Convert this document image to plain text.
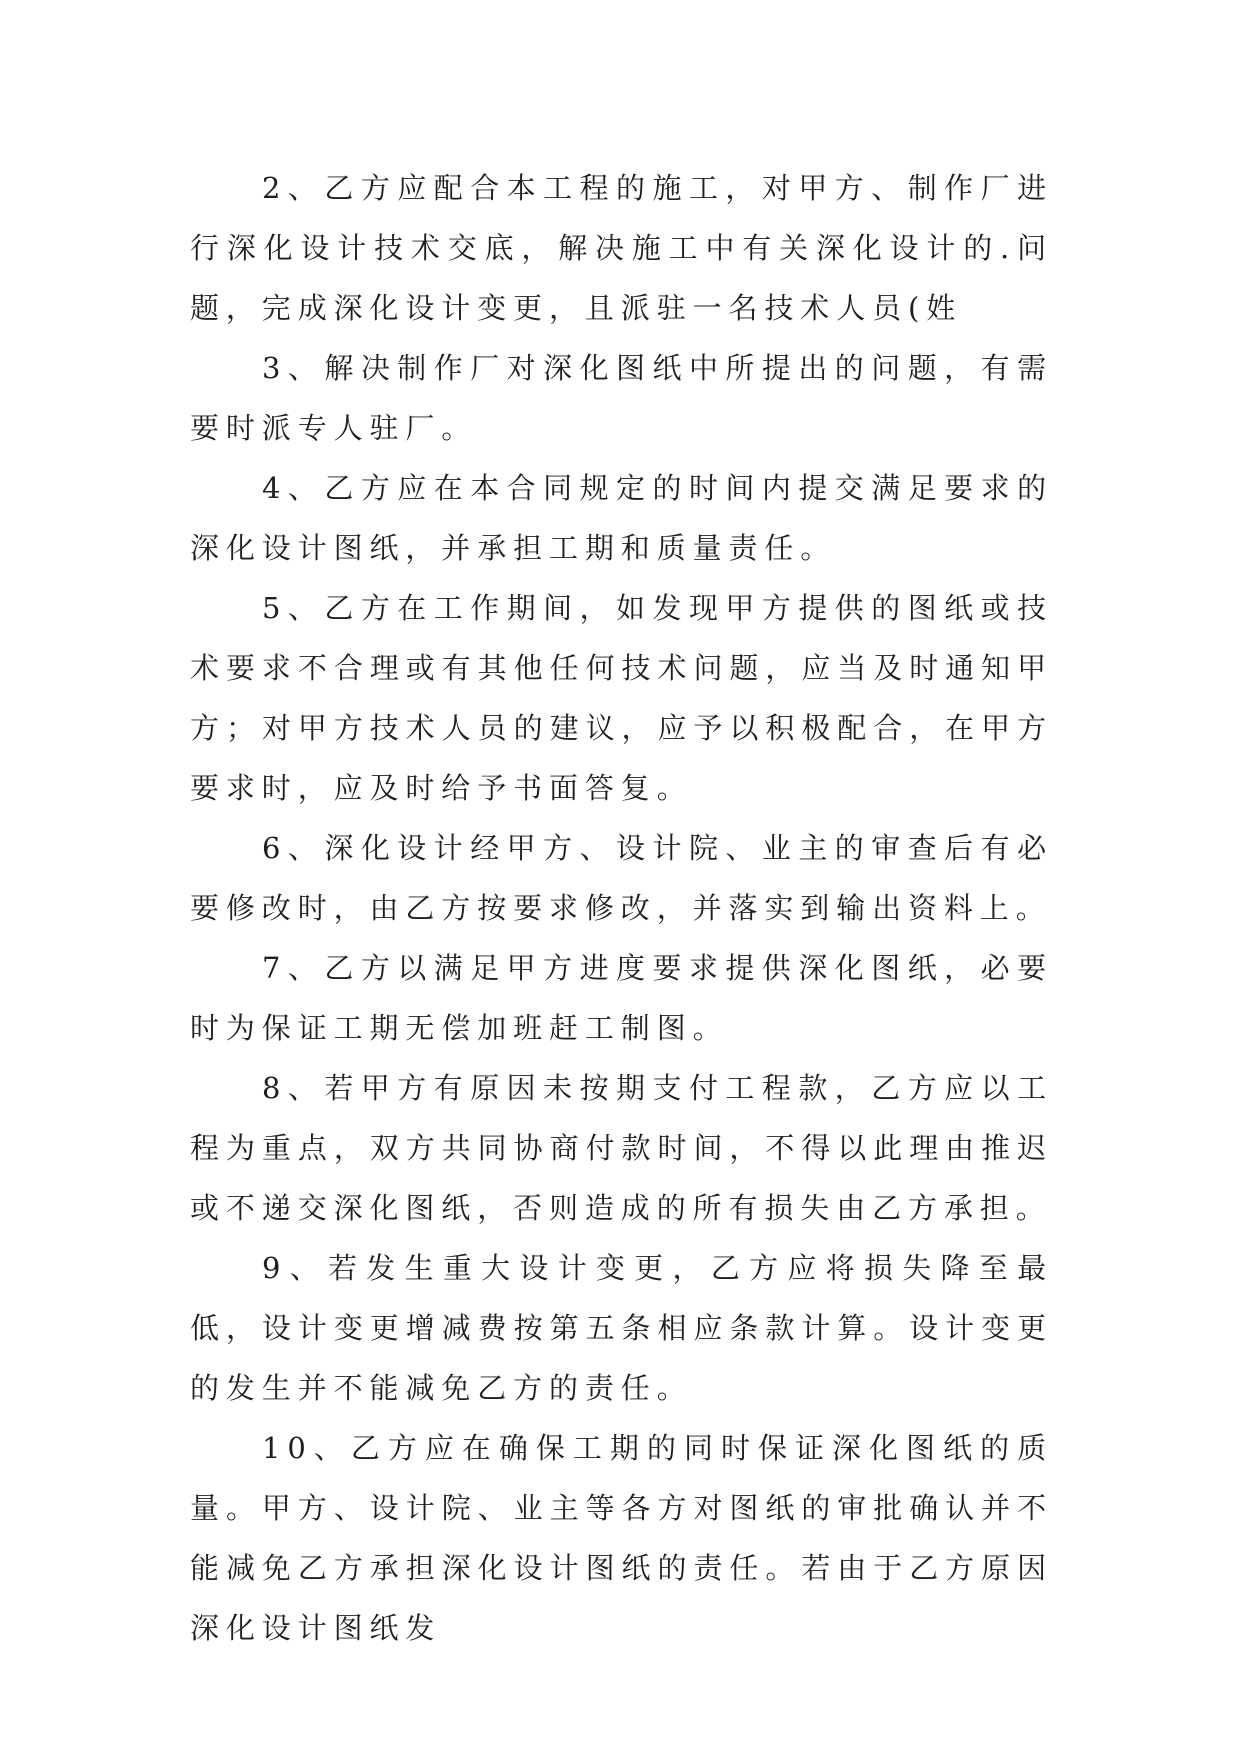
2、乙方应配合本工程的施工，对甲方、制作厂进行深化设计技术交底，解决施工中有关深化设计的.问题，完成深化设计变更，且派驻一名技术人员(姓

3、解决制作厂对深化图纸中所提出的问题，有需要时派专人驻厂。

4、乙方应在本合同规定的时间内提交满足要求的深化设计图纸，并承担工期和质量责任。

5、乙方在工作期间，如发现甲方提供的图纸或技术要求不合理或有其他任何技术问题，应当及时通知甲方；对甲方技术人员的建议，应予以积极配合，在甲方要求时，应及时给予书面答复。

6、深化设计经甲方、设计院、业主的审查后有必要修改时，由乙方按要求修改，并落实到输出资料上。

7、乙方以满足甲方进度要求提供深化图纸，必要时为保证工期无偿加班赶工制图。

8、若甲方有原因未按期支付工程款，乙方应以工程为重点，双方共同协商付款时间，不得以此理由推迟或不递交深化图纸，否则造成的所有损失由乙方承担。

9、若发生重大设计变更，乙方应将损失降至最低，设计变更增减费按第五条相应条款计算。设计变更的发生并不能减免乙方的责任。

10、乙方应在确保工期的同时保证深化图纸的质量。甲方、设计院、业主等各方对图纸的审批确认并不能减免乙方承担深化设计图纸的责任。若由于乙方原因深化设计图纸发
